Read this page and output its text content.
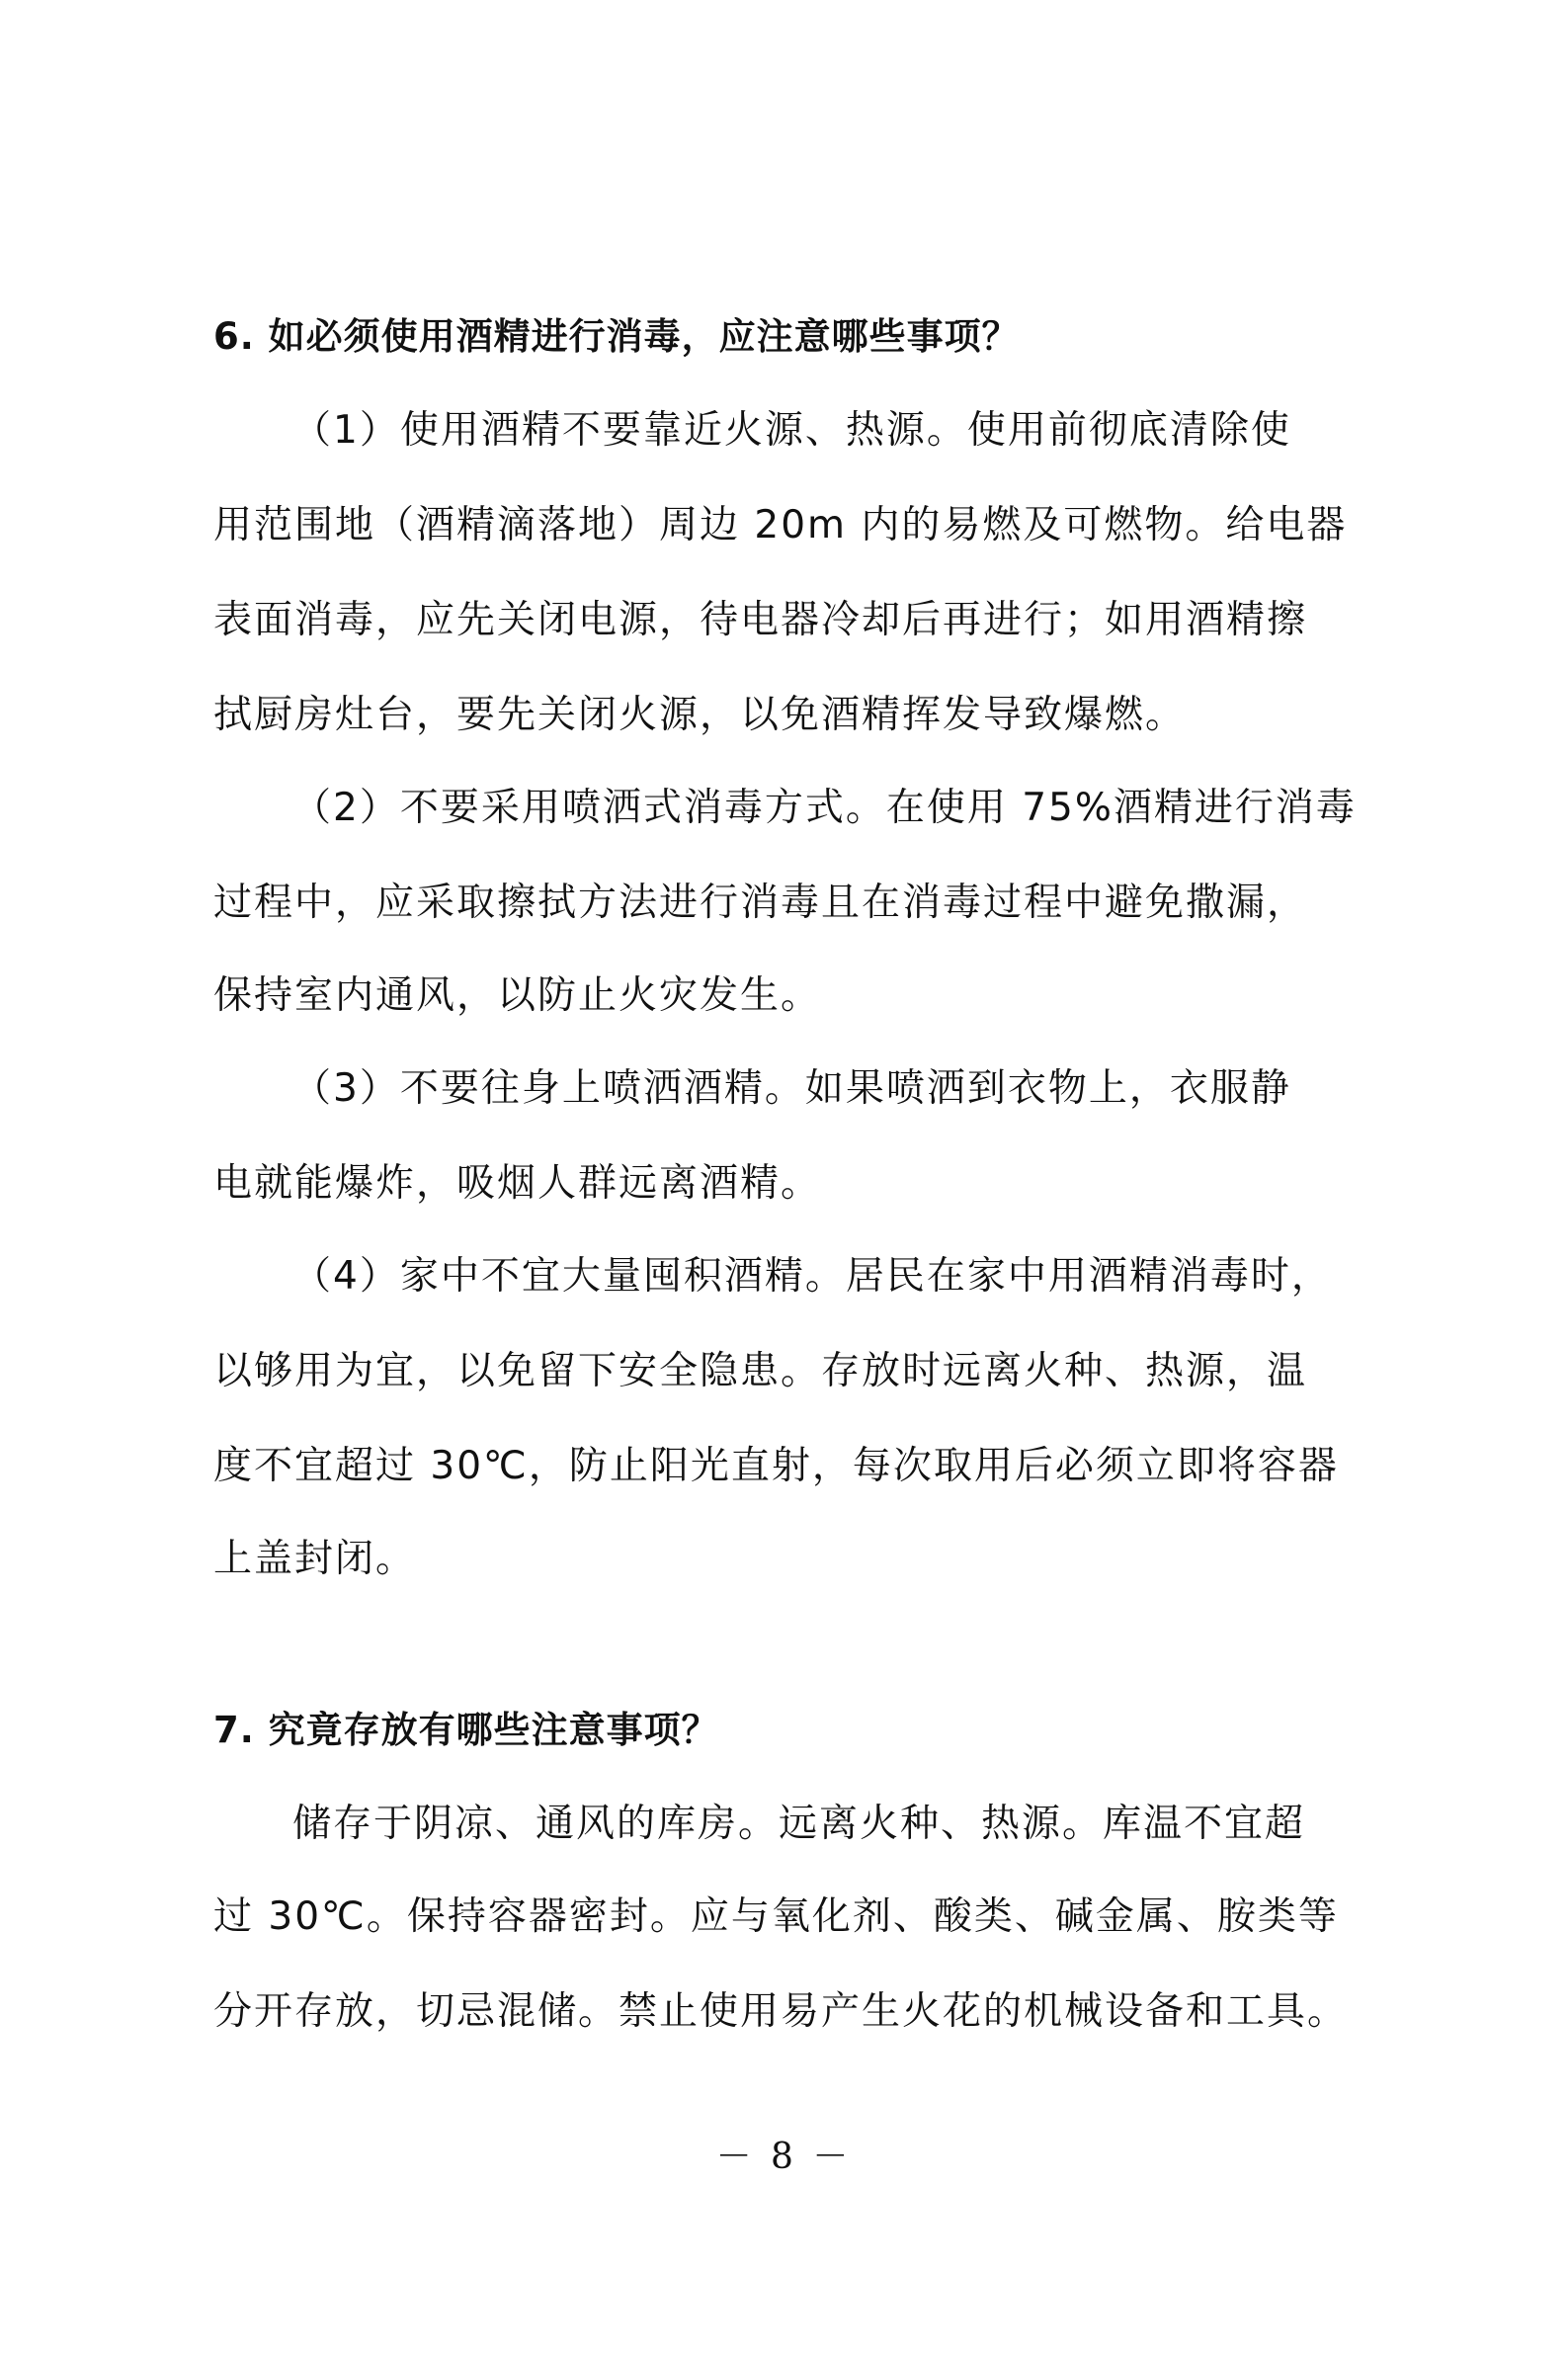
6. 如必须使用酒精进行消毒，应注意哪些事项？
（1）使用酒精不要靠近火源、热源。使用前彻底清除使
用范围地（酒精滴落地）周边 20m 内的易燃及可燃物。给电器
表面消毒，应先关闭电源，待电器冷却后再进行；如用酒精擦
拭厨房灶台，要先关闭火源，以免酒精挥发导致爆燃。
（2）不要采用喷洒式消毒方式。在使用 75%酒精进行消毒
过程中，应采取擦拭方法进行消毒且在消毒过程中避免撒漏，
保持室内通风，以防止火灾发生。
（3）不要往身上喷洒酒精。如果喷洒到衣物上，衣服静
电就能爆炸，吸烟人群远离酒精。
（4）家中不宜大量囤积酒精。居民在家中用酒精消毒时，
以够用为宜，以免留下安全隐患。存放时远离火种、热源，温
度不宜超过 30℃，防止阳光直射，每次取用后必须立即将容器
上盖封闭。
7. 究竟存放有哪些注意事项？
储存于阴凉、通风的库房。远离火种、热源。库温不宜超
过 30℃。保持容器密封。应与氧化剂、酸类、碱金属、胺类等
分开存放，切忌混储。禁止使用易产生火花的机械设备和工具。
－ 8 －
